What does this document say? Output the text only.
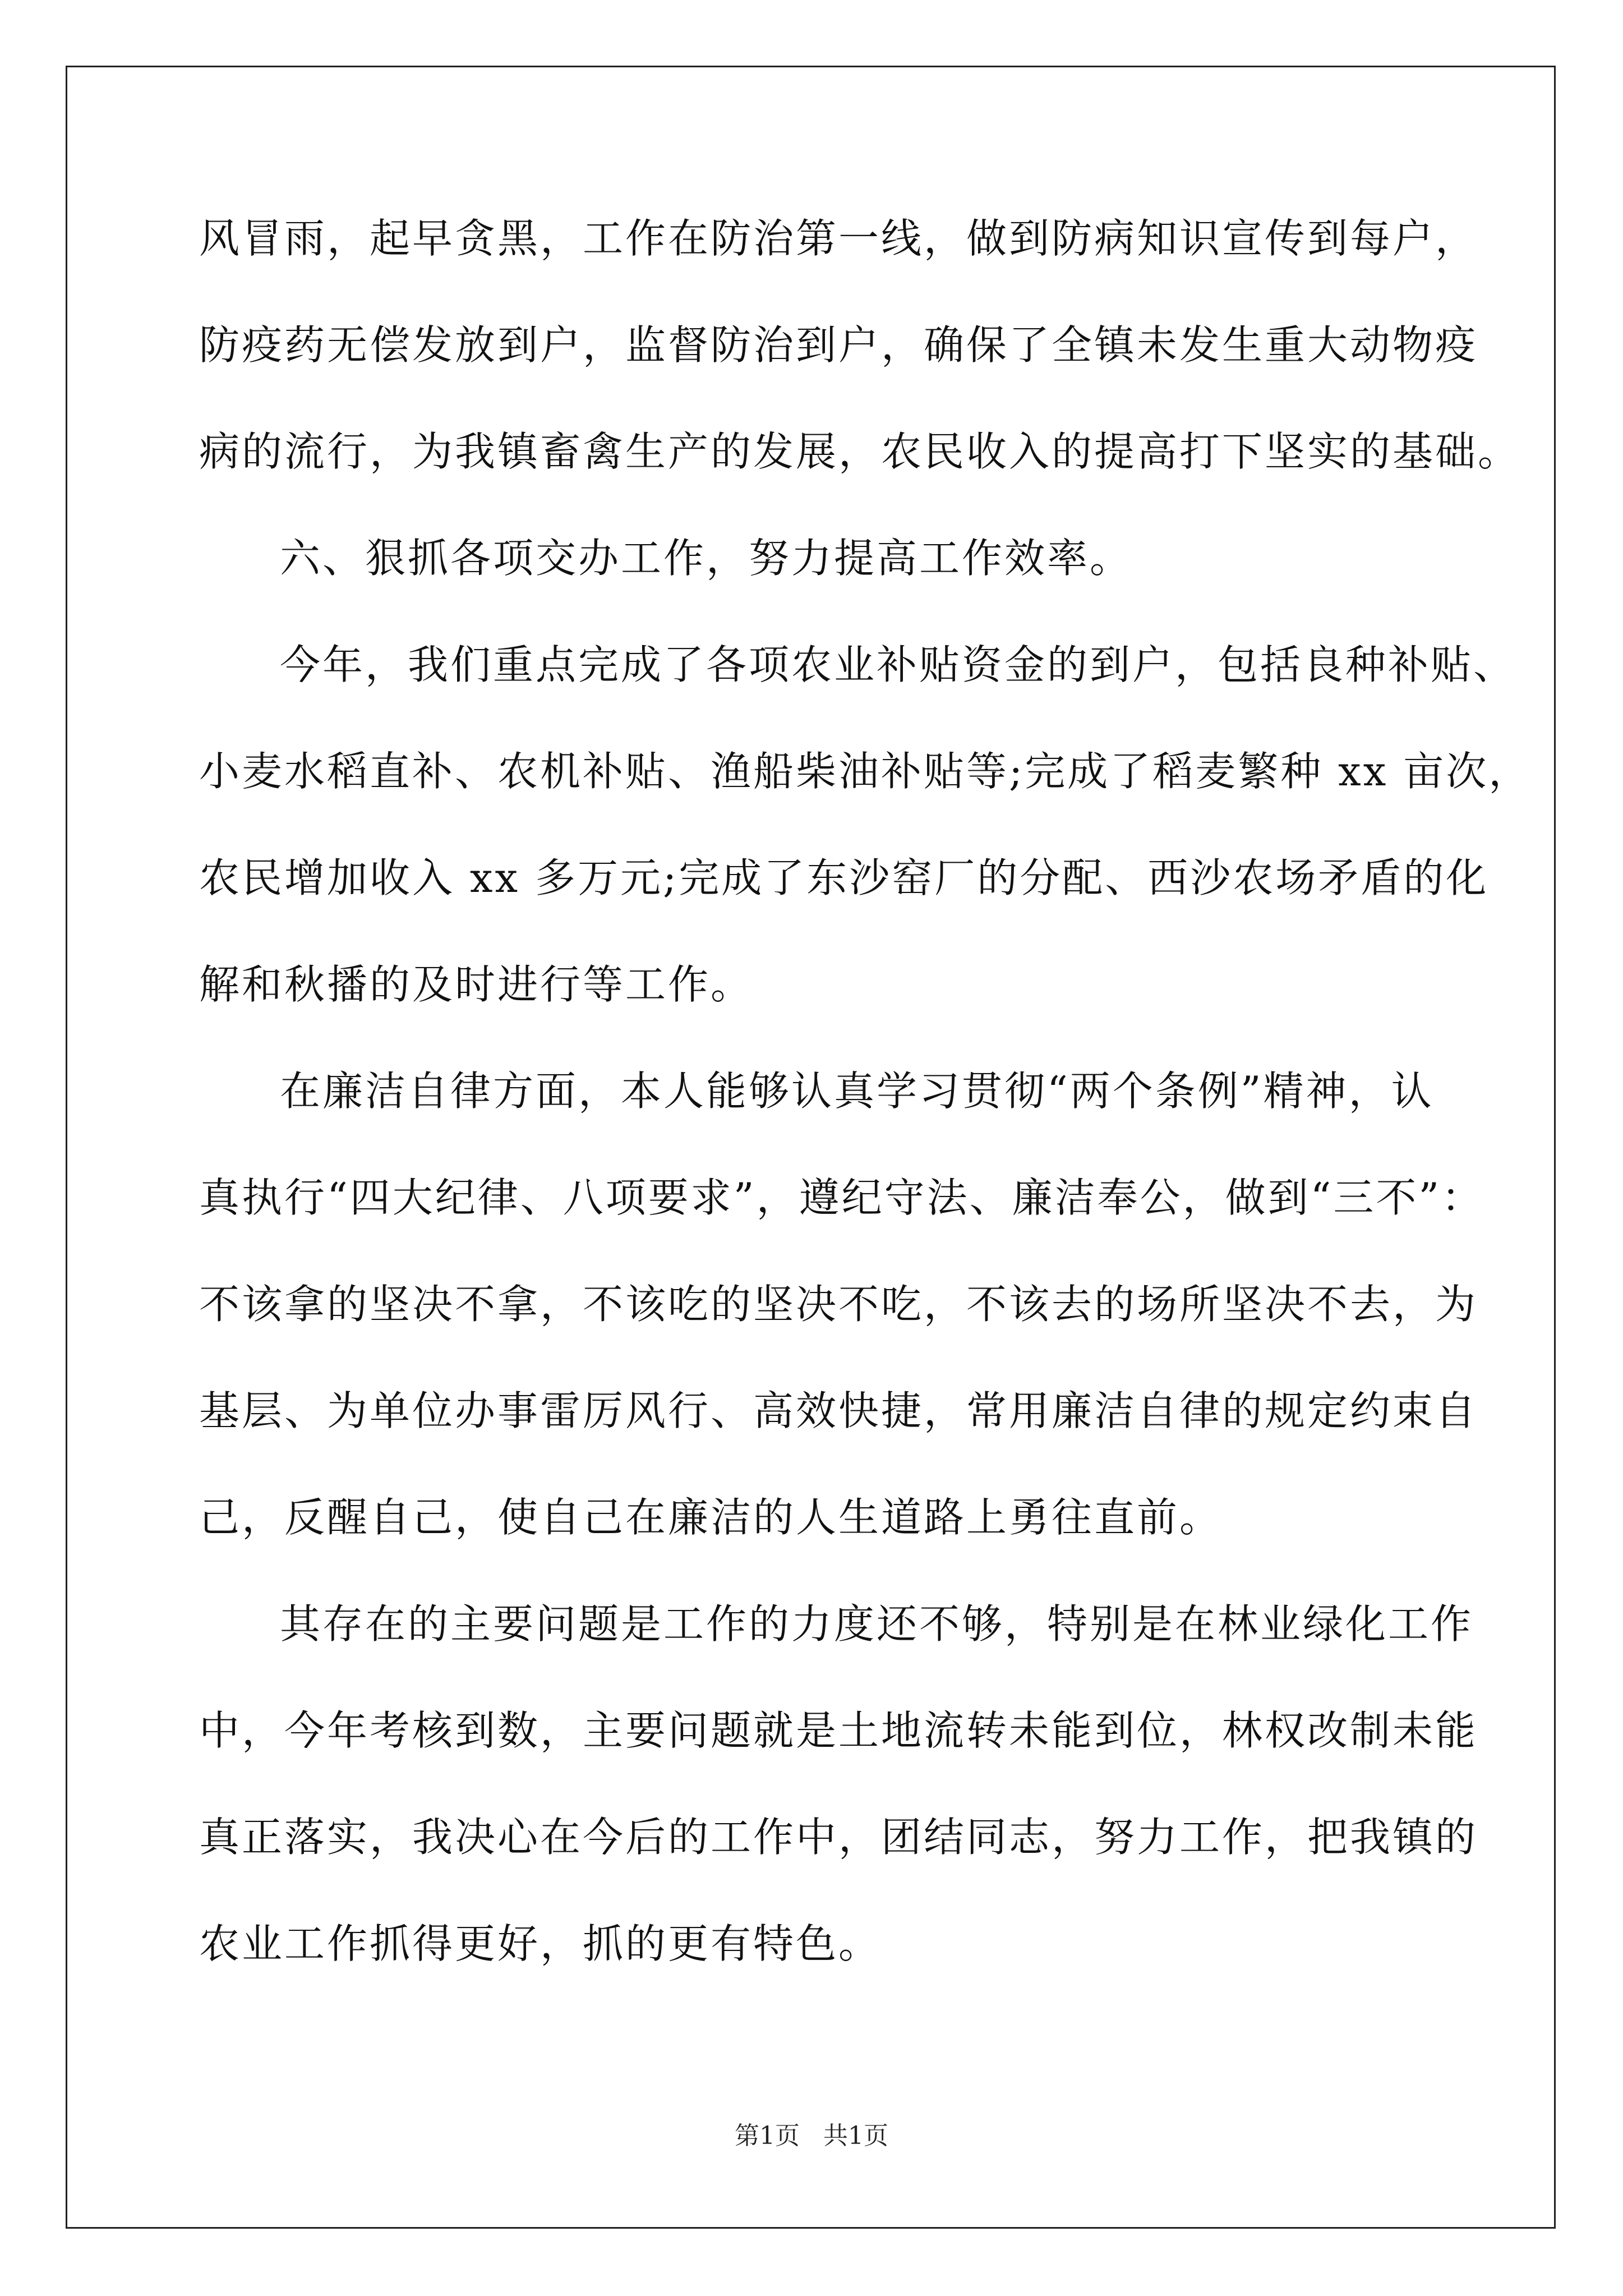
风冒雨，起早贪黑，工作在防治第一线，做到防病知识宣传到每户，
防疫药无偿发放到户，监督防治到户，确保了全镇未发生重大动物疫
病的流行，为我镇畜禽生产的发展，农民收入的提高打下坚实的基础。
六、狠抓各项交办工作，努力提高工作效率。
今年，我们重点完成了各项农业补贴资金的到户，包括良种补贴、
小麦水稻直补、农机补贴、渔船柴油补贴等;完成了稻麦繁种 xx 亩次，
农民增加收入 xx 多万元;完成了东沙窑厂的分配、西沙农场矛盾的化
解和秋播的及时进行等工作。
在廉洁自律方面，本人能够认真学习贯彻“两个条例”精神，认
真执行“四大纪律、八项要求”，遵纪守法、廉洁奉公，做到“三不”：
不该拿的坚决不拿，不该吃的坚决不吃，不该去的场所坚决不去，为
基层、为单位办事雷厉风行、高效快捷，常用廉洁自律的规定约束自
己，反醒自己，使自己在廉洁的人生道路上勇往直前。
其存在的主要问题是工作的力度还不够，特别是在林业绿化工作
中，今年考核到数，主要问题就是土地流转未能到位，林权改制未能
真正落实，我决心在今后的工作中，团结同志，努力工作，把我镇的
农业工作抓得更好，抓的更有特色。
第1页 共1页
